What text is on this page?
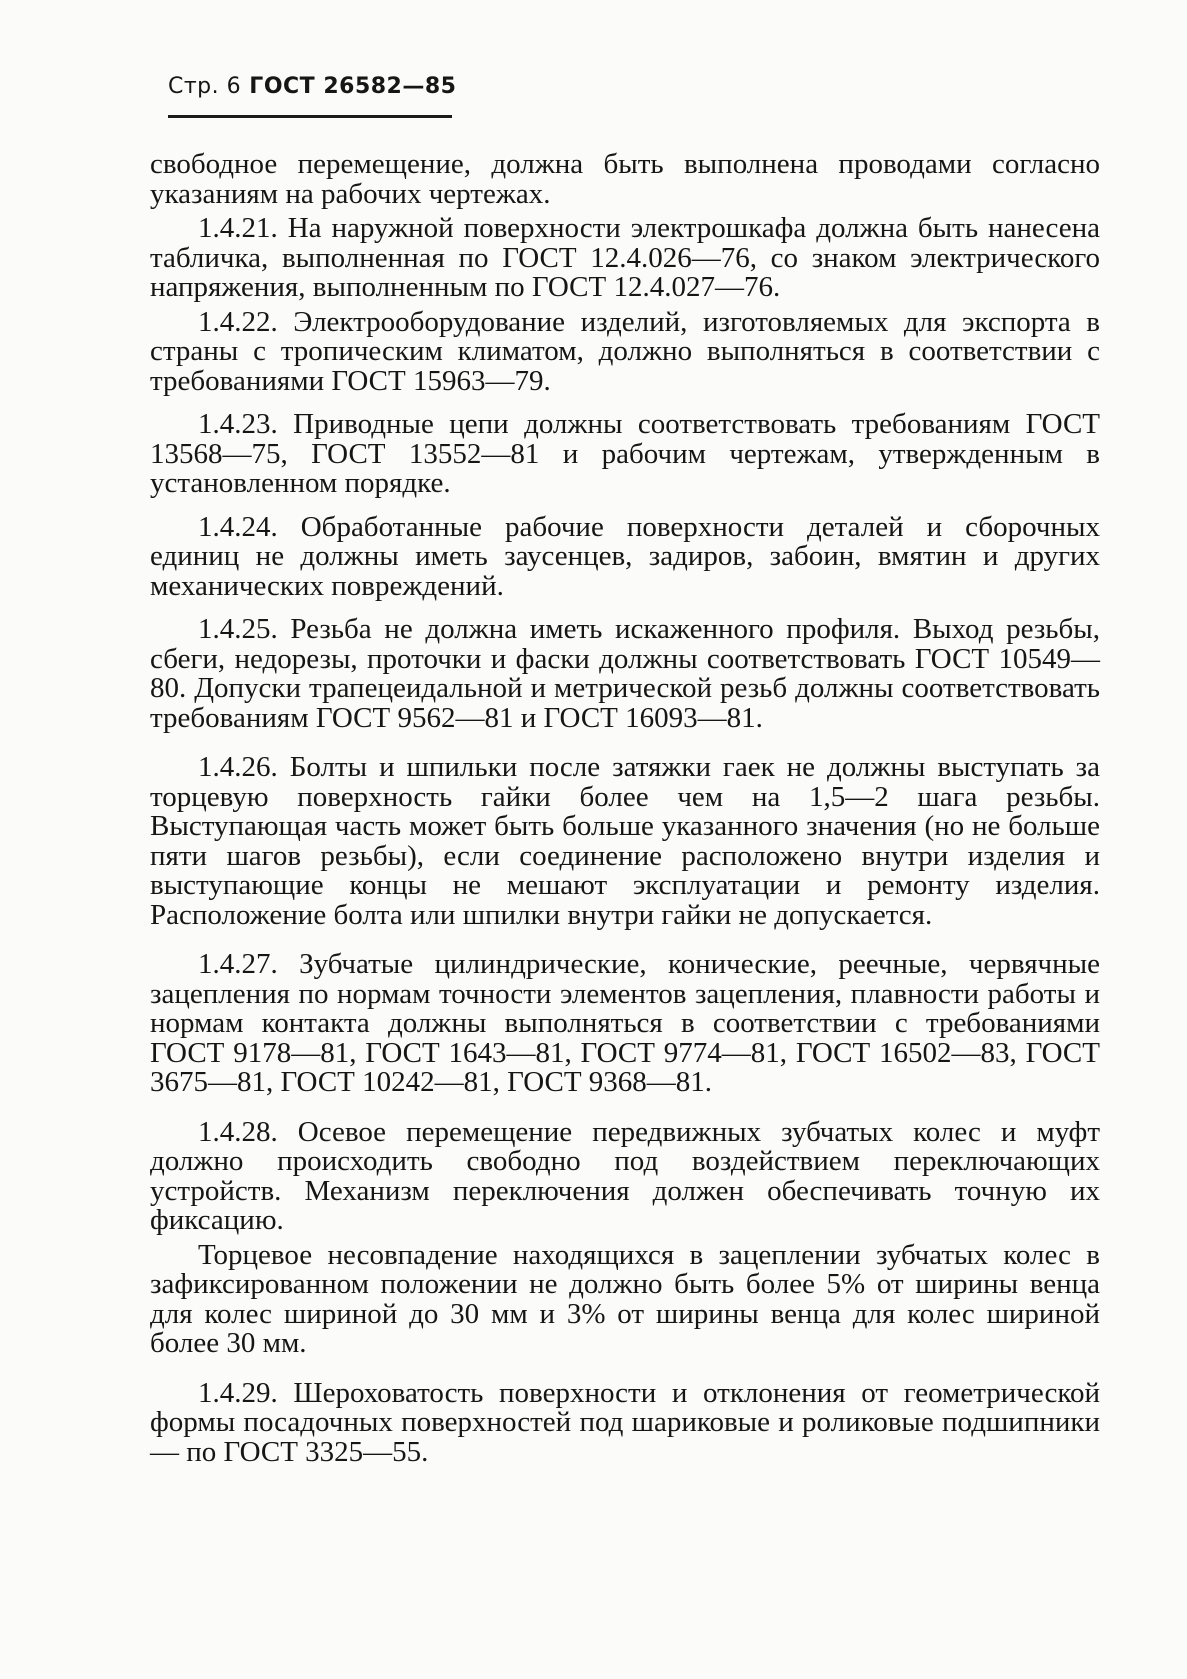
Стр. 6 ГОСТ 26582—85

свободное перемещение, должна быть выполнена проводами согласно указаниям на рабочих чертежах.

1.4.21. На наружной поверхности электрошкафа должна быть нанесена табличка, выполненная по ГОСТ 12.4.026—76, со знаком электрического напряжения, выполненным по ГОСТ 12.4.027—76.

1.4.22. Электрооборудование изделий, изготовляемых для экспорта в страны с тропическим климатом, должно выполняться в соответствии с требованиями ГОСТ 15963—79.

1.4.23. Приводные цепи должны соответствовать требованиям ГОСТ 13568—75, ГОСТ 13552—81 и рабочим чертежам, утвержденным в установленном порядке.

1.4.24. Обработанные рабочие поверхности деталей и сборочных единиц не должны иметь заусенцев, задиров, забоин, вмятин и других механических повреждений.

1.4.25. Резьба не должна иметь искаженного профиля. Выход резьбы, сбеги, недорезы, проточки и фаски должны соответствовать ГОСТ 10549—80. Допуски трапецеидальной и метрической резьб должны соответствовать требованиям ГОСТ 9562—81 и ГОСТ 16093—81.

1.4.26. Болты и шпильки после затяжки гаек не должны выступать за торцевую поверхность гайки более чем на 1,5—2 шага резьбы. Выступающая часть может быть больше указанного значения (но не больше пяти шагов резьбы), если соединение расположено внутри изделия и выступающие концы не мешают эксплуатации и ремонту изделия. Расположение болта или шпилки внутри гайки не допускается.

1.4.27. Зубчатые цилиндрические, конические, реечные, червячные зацепления по нормам точности элементов зацепления, плавности работы и нормам контакта должны выполняться в соответствии с требованиями ГОСТ 9178—81, ГОСТ 1643—81, ГОСТ 9774—81, ГОСТ 16502—83, ГОСТ 3675—81, ГОСТ 10242—81, ГОСТ 9368—81.

1.4.28. Осевое перемещение передвижных зубчатых колес и муфт должно происходить свободно под воздействием переключающих устройств. Механизм переключения должен обеспечивать точную их фиксацию.

Торцевое несовпадение находящихся в зацеплении зубчатых колес в зафиксированном положении не должно быть более 5% от ширины венца для колес шириной до 30 мм и 3% от ширины венца для колес шириной более 30 мм.

1.4.29. Шероховатость поверхности и отклонения от геометрической формы посадочных поверхностей под шариковые и роликовые подшипники— по ГОСТ 3325—55.
